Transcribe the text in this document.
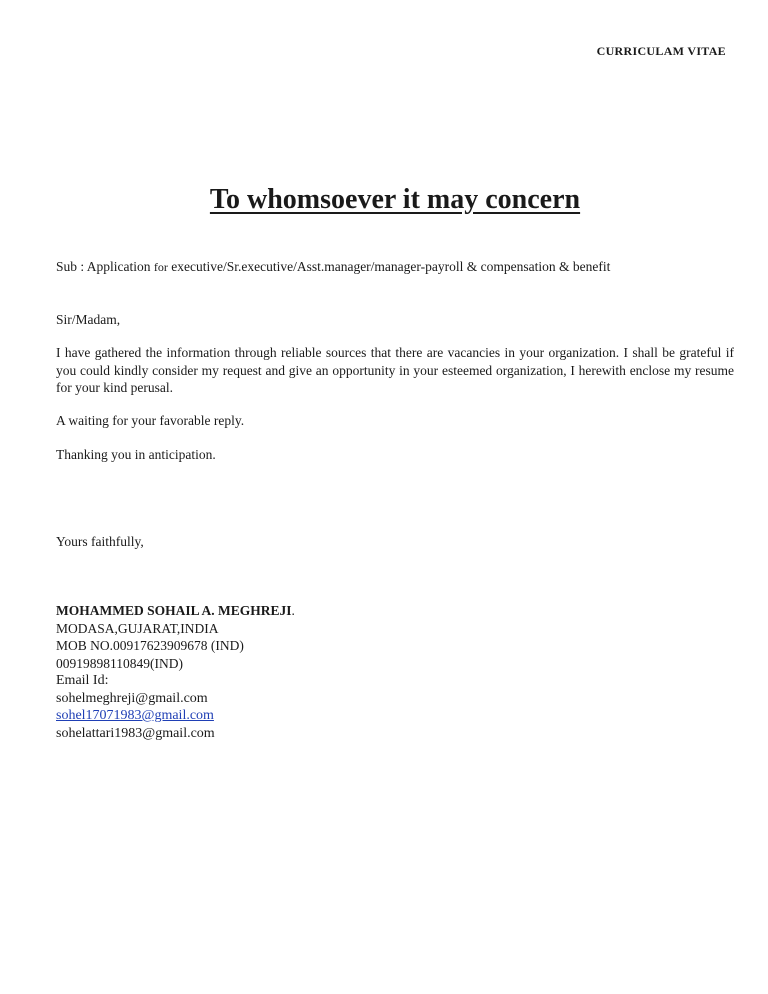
CURRICULAM VITAE
To whomsoever it may concern
Sub : Application for executive/Sr.executive/Asst.manager/manager-payroll & compensation & benefit
Sir/Madam,
I have gathered the information through reliable sources that there are vacancies in your organization. I shall be grateful if you could kindly consider my request and give an opportunity in your esteemed organization, I herewith enclose my resume for your kind perusal.
A waiting for your favorable reply.
Thanking you in anticipation.
Yours faithfully,
MOHAMMED SOHAIL A. MEGHREJI.
MODASA,GUJARAT,INDIA
MOB NO.00917623909678 (IND)
00919898110849(IND)
Email Id:
sohelmeghreji@gmail.com
sohel17071983@gmail.com
sohelattari1983@gmail.com
